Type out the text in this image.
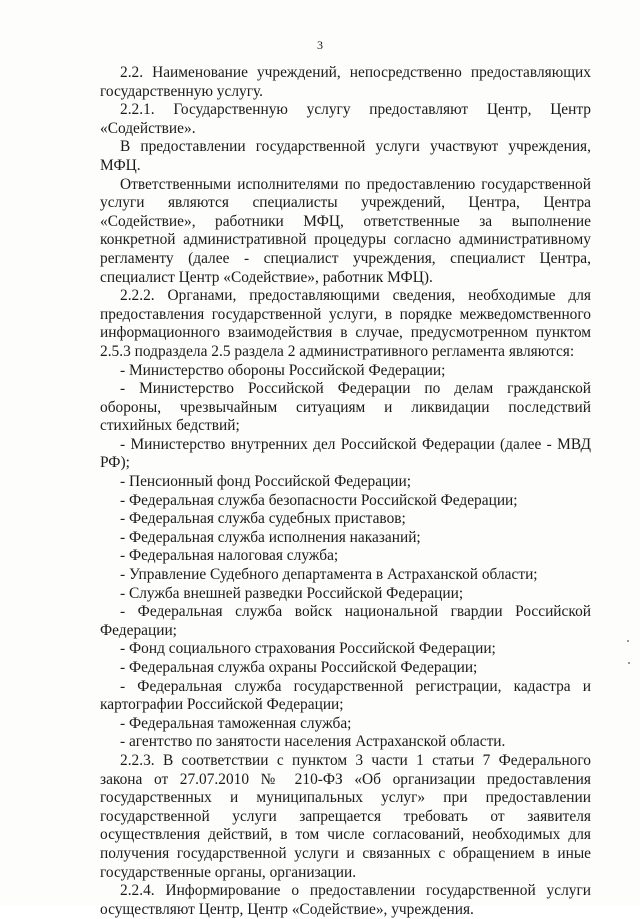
3

2.2. Наименование учреждений, непосредственно предоставляющих государственную услугу.

2.2.1. Государственную услугу предоставляют Центр, Центр «Содействие».

В предоставлении государственной услуги участвуют учреждения, МФЦ.

Ответственными исполнителями по предоставлению государственной услуги являются специалисты учреждений, Центра, Центра «Содействие», работники МФЦ, ответственные за выполнение конкретной административной процедуры согласно административному регламенту (далее - специалист учреждения, специалист Центра, специалист Центр «Содействие», работник МФЦ).

2.2.2. Органами, предоставляющими сведения, необходимые для предоставления государственной услуги, в порядке межведомственного информационного взаимодействия в случае, предусмотренном пунктом 2.5.3 подраздела 2.5 раздела 2 административного регламента являются:

- Министерство обороны Российской Федерации;

- Министерство Российской Федерации по делам гражданской обороны, чрезвычайным ситуациям и ликвидации последствий стихийных бедствий;

- Министерство внутренних дел Российской Федерации (далее - МВД РФ);

- Пенсионный фонд Российской Федерации;

- Федеральная служба безопасности Российской Федерации;

- Федеральная служба судебных приставов;

- Федеральная служба исполнения наказаний;

- Федеральная налоговая служба;

- Управление Судебного департамента в Астраханской области;

- Служба внешней разведки Российской Федерации;

- Федеральная служба войск национальной гвардии Российской Федерации;

- Фонд социального страхования Российской Федерации;

- Федеральная служба охраны Российской Федерации;

- Федеральная служба государственной регистрации, кадастра и картографии Российской Федерации;

- Федеральная таможенная служба;

- агентство по занятости населения Астраханской области.

2.2.3. В соответствии с пунктом 3 части 1 статьи 7 Федерального закона от 27.07.2010 № 210-ФЗ «Об организации предоставления государственных и муниципальных услуг» при предоставлении государственной услуги запрещается требовать от заявителя осуществления действий, в том числе согласований, необходимых для получения государственной услуги и связанных с обращением в иные государственные органы, организации.

2.2.4. Информирование о предоставлении государственной услуги осуществляют Центр, Центр «Содействие», учреждения.
